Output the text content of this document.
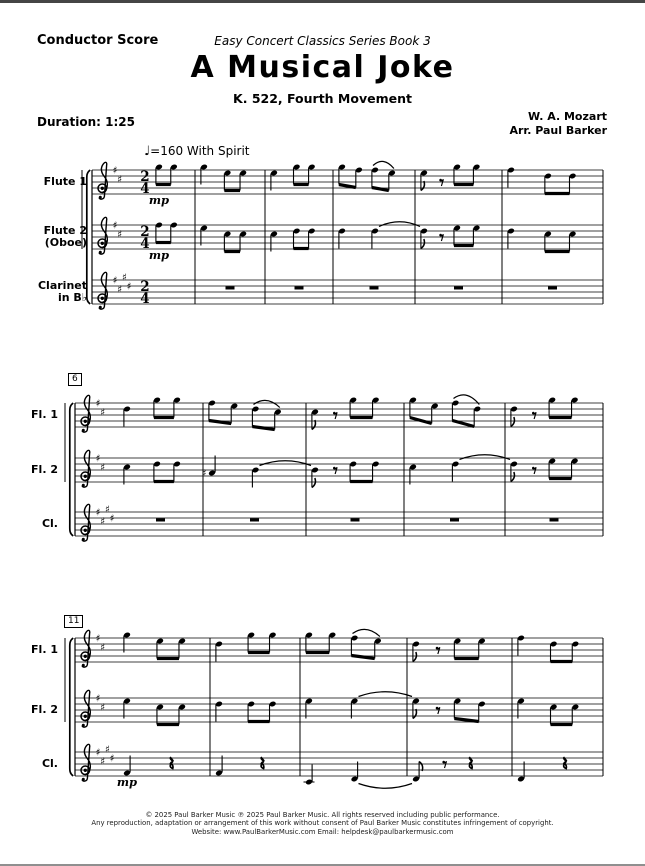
Conductor Score	Easy Concert Classics Series Book 3
A Musical Joke
K. 522, Fourth Movement
Duration: 1:25	W. A. Mozart
Arr. Paul Barker
♩=160 With Spirit
♯
♯ 2
4
mp
♯
♯ 2
4
mp
♯
♯
♯
♯ 2
4
♯
♯
♯
♯
♯
♯
♯
♯
♯
♯
♯
♯
♯
♯
♯
♯
♯
mp
Flute 1
Flute 2
(Oboe)
Clarinet
in B♭
6
Fl. 1
Fl. 2
Cl.
11
Fl. 1
Fl. 2
Cl.
© 2025 Paul Barker Music ℗ 2025 Paul Barker Music. All rights reserved including public performance.
Any reproduction, adaptation or arrangement of this work without consent of Paul Barker Music constitutes infringement of copyright.
Website: www.PaulBarkerMusic.com Email: helpdesk@paulbarkermusic.com
